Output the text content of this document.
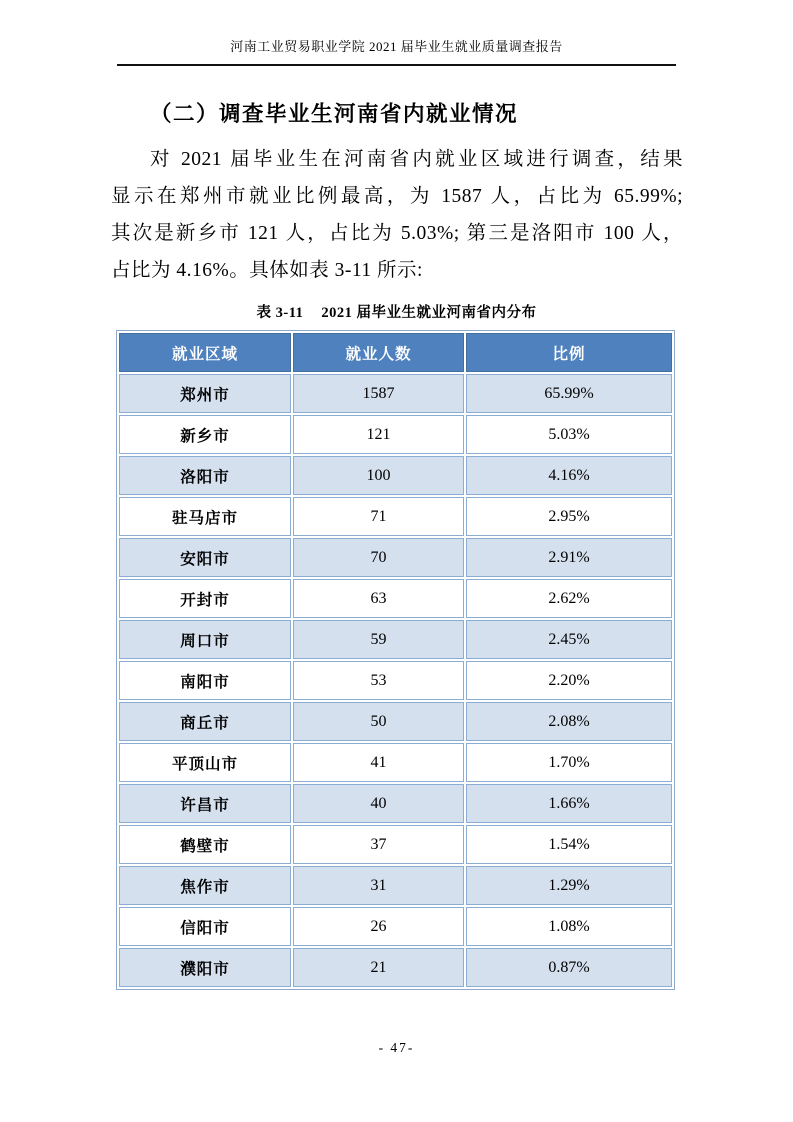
河南工业贸易职业学院 2021 届毕业生就业质量调查报告
（二）调查毕业生河南省内就业情况
对 2021 届毕业生在河南省内就业区域进行调查，结果
显示在郑州市就业比例最高，为 1587 人，占比为 65.99%;
其次是新乡市 121 人，占比为 5.03%; 第三是洛阳市 100 人，
占比为 4.16%。具体如表 3-11 所示:
表 3-11 2021 届毕业生就业河南省内分布
就业区域	就业人数	比例
郑州市	1587	65.99%
新乡市	121	5.03%
洛阳市	100	4.16%
驻马店市	71	2.95%
安阳市	70	2.91%
开封市	63	2.62%
周口市	59	2.45%
南阳市	53	2.20%
商丘市	50	2.08%
平顶山市	41	1.70%
许昌市	40	1.66%
鹤壁市	37	1.54%
焦作市	31	1.29%
信阳市	26	1.08%
濮阳市	21	0.87%
- 47-
